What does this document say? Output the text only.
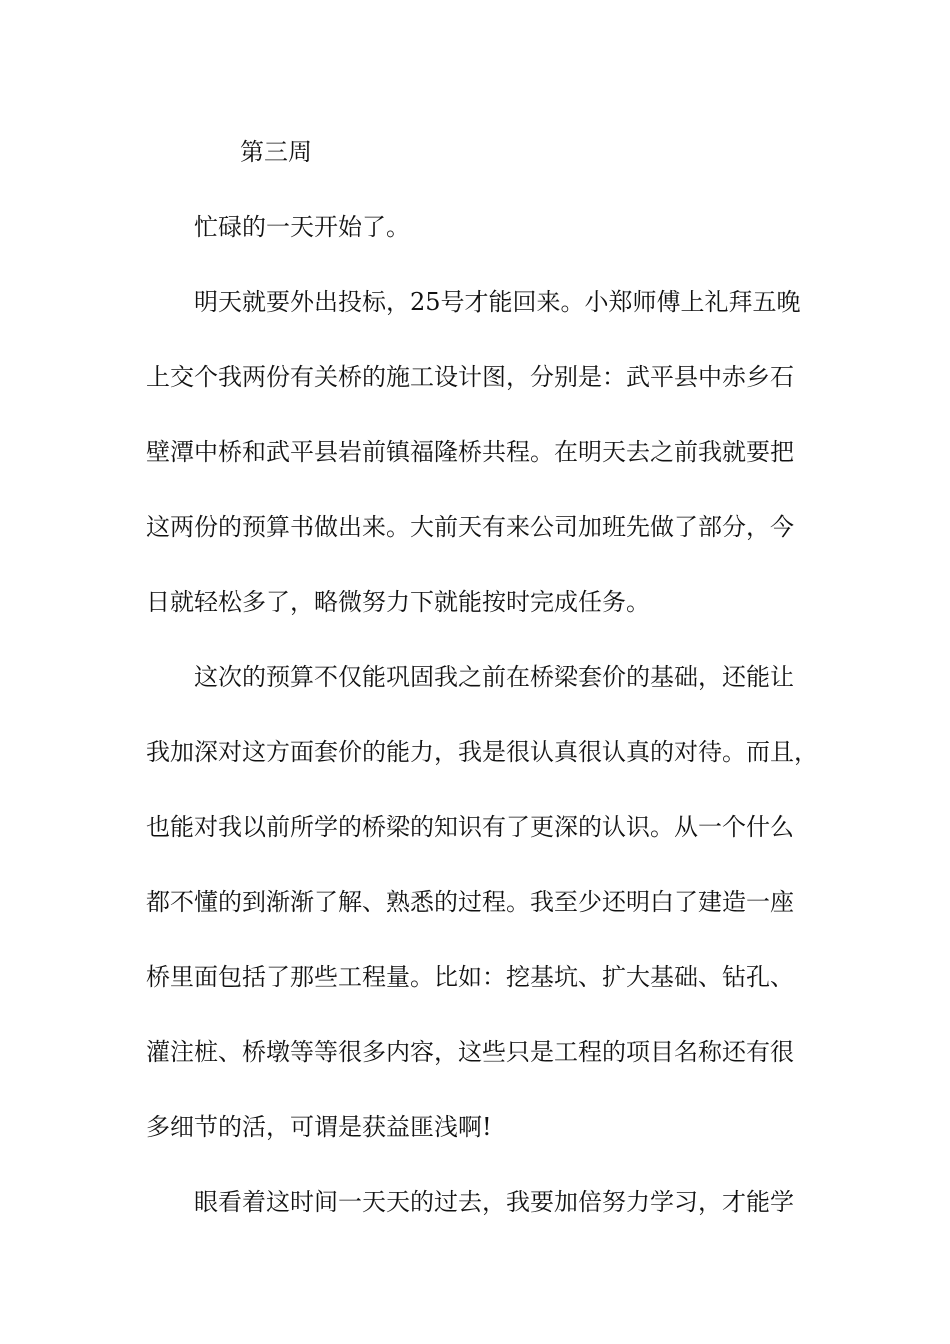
第三周
忙碌的一天开始了。
明天就要外出投标，25号才能回来。小郑师傅上礼拜五晚
上交个我两份有关桥的施工设计图，分别是：武平县中赤乡石
壁潭中桥和武平县岩前镇福隆桥共程。在明天去之前我就要把
这两份的预算书做出来。大前天有来公司加班先做了部分，今
日就轻松多了，略微努力下就能按时完成任务。
这次的预算不仅能巩固我之前在桥梁套价的基础，还能让
我加深对这方面套价的能力，我是很认真很认真的对待。而且，
也能对我以前所学的桥梁的知识有了更深的认识。从一个什么
都不懂的到渐渐了解、熟悉的过程。我至少还明白了建造一座
桥里面包括了那些工程量。比如：挖基坑、扩大基础、钻孔、
灌注桩、桥墩等等很多内容，这些只是工程的项目名称还有很
多细节的活，可谓是获益匪浅啊!
眼看着这时间一天天的过去，我要加倍努力学习，才能学
